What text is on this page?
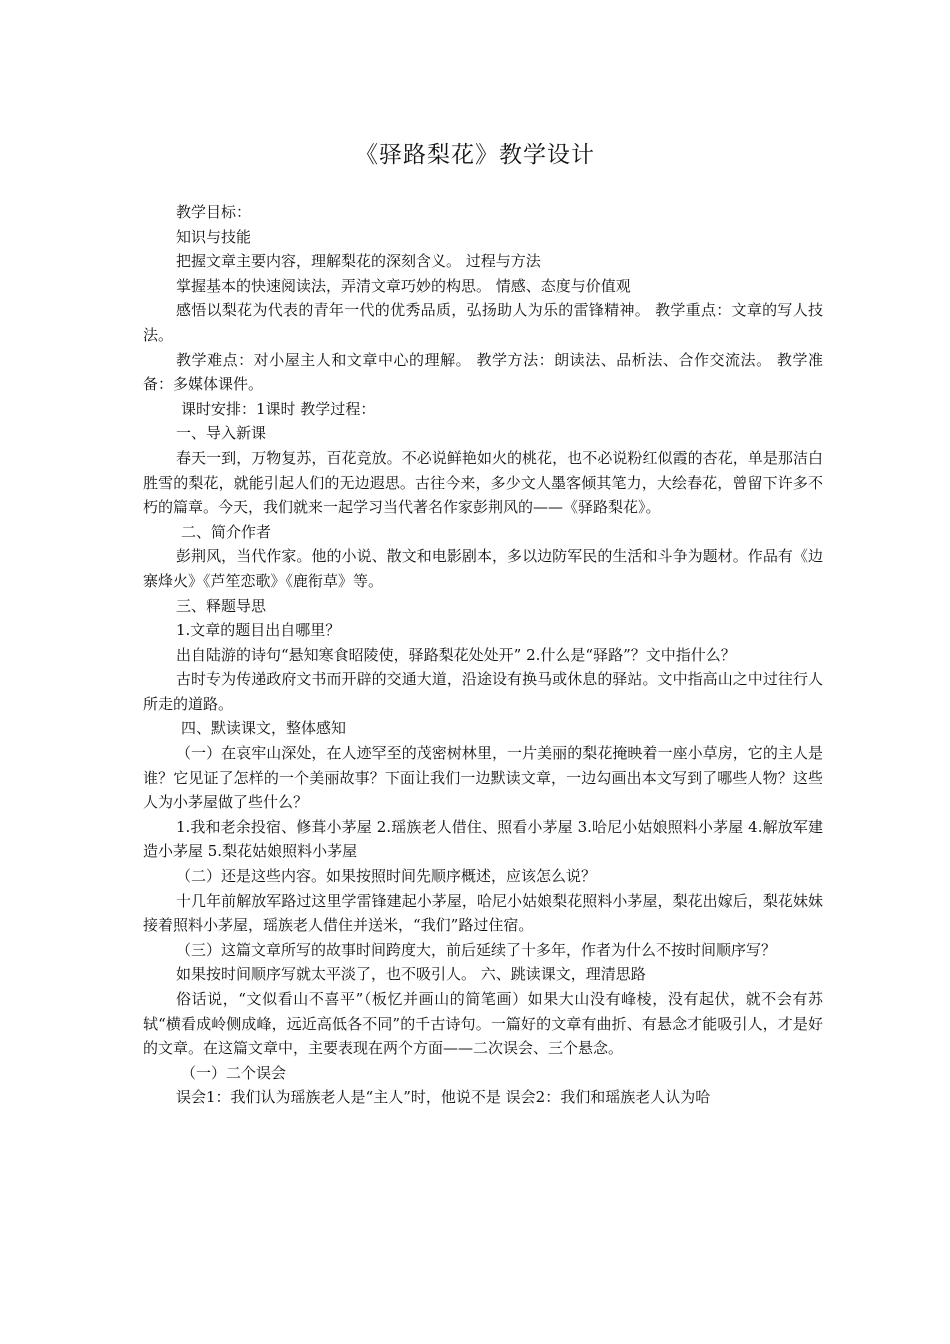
《驿路梨花》教学设计

教学目标：

知识与技能

把握文章主要内容，理解梨花的深刻含义。 过程与方法

掌握基本的快速阅读法，弄清文章巧妙的构思。 情感、态度与价值观

感悟以梨花为代表的青年一代的优秀品质，弘扬助人为乐的雷锋精神。 教学重点：文章的写人技法。

教学难点：对小屋主人和文章中心的理解。 教学方法：朗读法、品析法、合作交流法。 教学准备：多媒体课件。

课时安排：1课时 教学过程：

一、导入新课

春天一到，万物复苏，百花竞放。不必说鲜艳如火的桃花，也不必说粉红似霞的杏花，单是那洁白胜雪的梨花，就能引起人们的无边遐思。古往今来，多少文人墨客倾其笔力，大绘春花，曾留下许多不朽的篇章。今天，我们就来一起学习当代著名作家彭荆风的——《驿路梨花》。

二、简介作者

彭荆风，当代作家。他的小说、散文和电影剧本，多以边防军民的生活和斗争为题材。作品有《边寨烽火》《芦笙恋歌》《鹿衔草》等。

三、释题导思

1.文章的题目出自哪里？

出自陆游的诗句“悬知寒食昭陵使，驿路梨花处处开” 2.什么是“驿路”？文中指什么？

古时专为传递政府文书而开辟的交通大道，沿途设有换马或休息的驿站。文中指高山之中过往行人所走的道路。

四、默读课文，整体感知

（一）在哀牢山深处，在人迹罕至的茂密树林里，一片美丽的梨花掩映着一座小草房，它的主人是谁？它见证了怎样的一个美丽故事？下面让我们一边默读文章，一边勾画出本文写到了哪些人物？这些人为小茅屋做了些什么？

1.我和老余投宿、修葺小茅屋 2.瑶族老人借住、照看小茅屋 3.哈尼小姑娘照料小茅屋 4.解放军建造小茅屋 5.梨花姑娘照料小茅屋

（二）还是这些内容。如果按照时间先顺序概述，应该怎么说？

十几年前解放军路过这里学雷锋建起小茅屋，哈尼小姑娘梨花照料小茅屋，梨花出嫁后，梨花妹妹接着照料小茅屋，瑶族老人借住并送米，“我们”路过住宿。

（三）这篇文章所写的故事时间跨度大，前后延续了十多年，作者为什么不按时间顺序写？

如果按时间顺序写就太平淡了，也不吸引人。 六、跳读课文，理清思路

俗话说，“文似看山不喜平”（板忆并画山的简笔画）如果大山没有峰棱，没有起伏，就不会有苏轼“横看成岭侧成峰，远近高低各不同”的千古诗句。一篇好的文章有曲折、有悬念才能吸引人，才是好的文章。在这篇文章中，主要表现在两个方面——二次误会、三个悬念。

（一）二个误会

误会1：我们认为瑶族老人是“主人”时，他说不是 误会2：我们和瑶族老人认为哈
